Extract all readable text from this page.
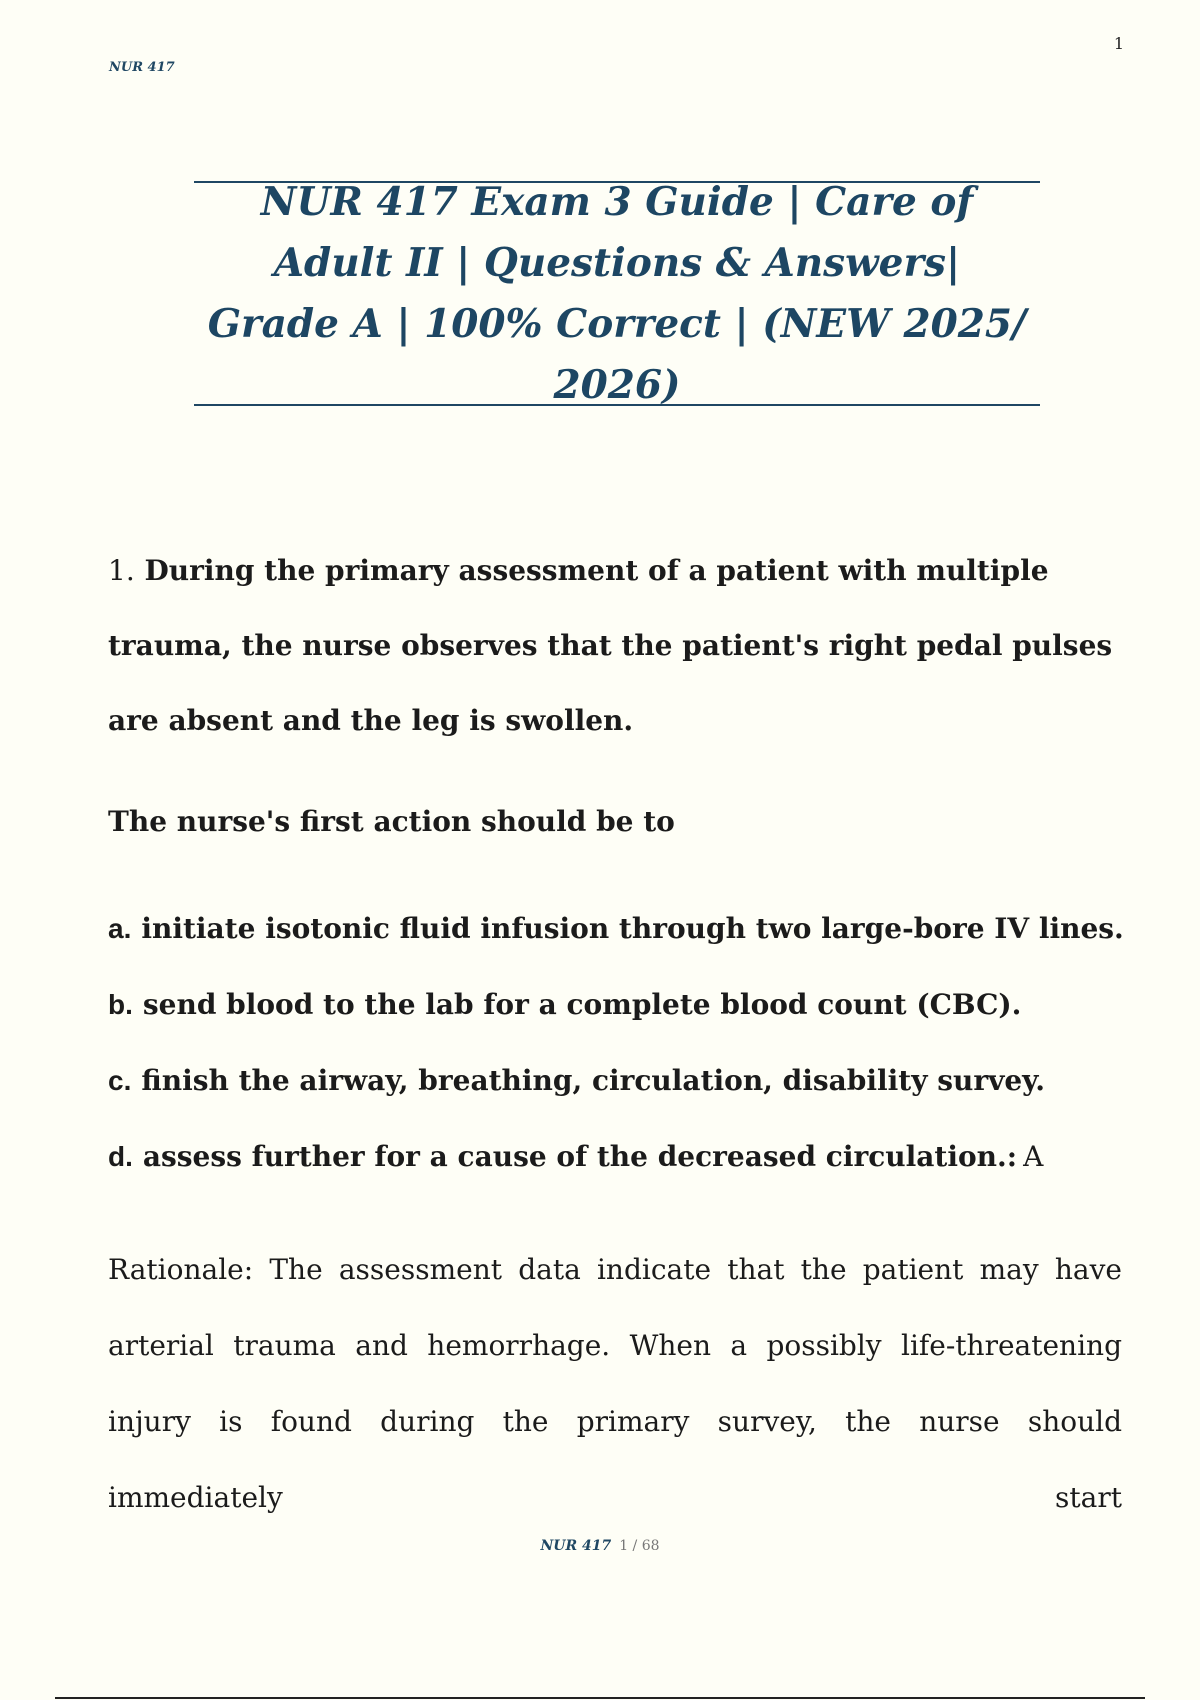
NUR 417
1
NUR 417 Exam 3 Guide | Care of Adult II | Questions & Answers| Grade A | 100% Correct | (NEW 2025/ 2026)
1. During the primary assessment of a patient with multiple trauma, the nurse observes that the patient's right pedal pulses are absent and the leg is swollen.
The nurse's first action should be to
a. initiate isotonic fluid infusion through two large-bore IV lines.
b. send blood to the lab for a complete blood count (CBC).
c. finish the airway, breathing, circulation, disability survey.
d. assess further for a cause of the decreased circulation.: A

Rationale: The assessment data indicate that the patient may have arterial trauma and hemorrhage. When a possibly life-threatening injury is found during the primary survey, the nurse should immediately start

NUR 417 1 / 68
